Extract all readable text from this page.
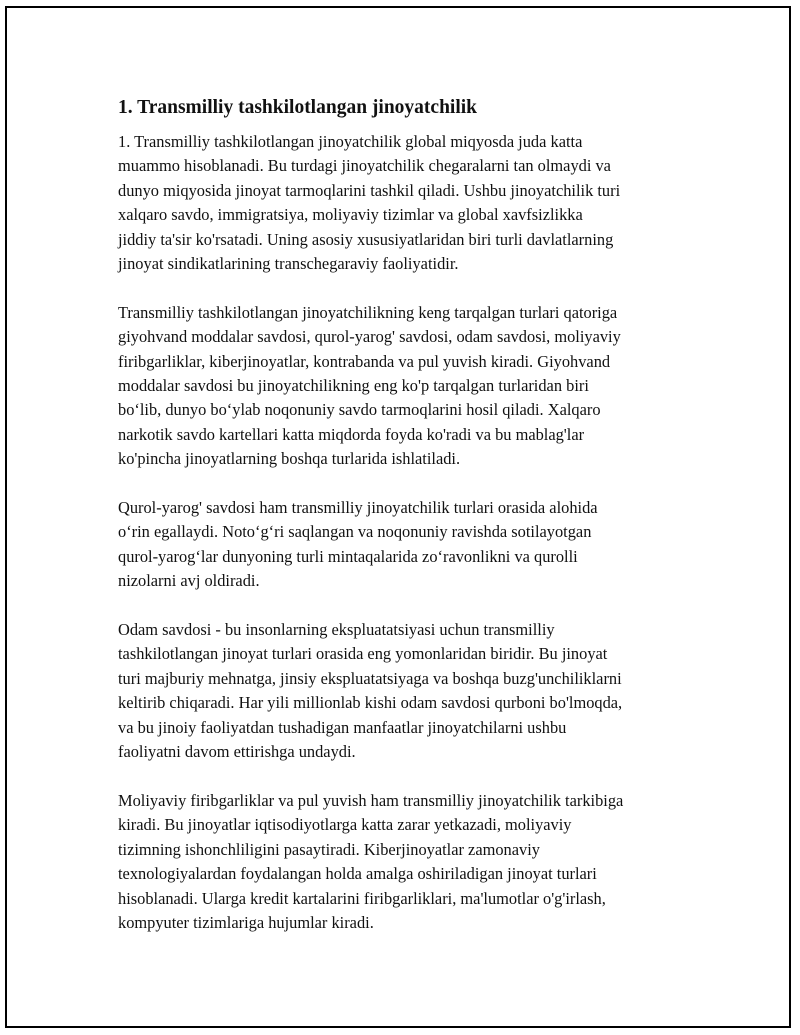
1. Transmilliy tashkilotlangan jinoyatchilik

1. Transmilliy tashkilotlangan jinoyatchilik global miqyosda juda katta
muammo hisoblanadi. Bu turdagi jinoyatchilik chegaralarni tan olmaydi va
dunyo miqyosida jinoyat tarmoqlarini tashkil qiladi. Ushbu jinoyatchilik turi
xalqaro savdo, immigratsiya, moliyaviy tizimlar va global xavfsizlikka
jiddiy ta'sir ko'rsatadi. Uning asosiy xususiyatlaridan biri turli davlatlarning
jinoyat sindikatlarining transchegaraviy faoliyatidir.

Transmilliy tashkilotlangan jinoyatchilikning keng tarqalgan turlari qatoriga
giyohvand moddalar savdosi, qurol-yarog' savdosi, odam savdosi, moliyaviy
firibgarliklar, kiberjinoyatlar, kontrabanda va pul yuvish kiradi. Giyohvand
moddalar savdosi bu jinoyatchilikning eng ko'p tarqalgan turlaridan biri
bo‘lib, dunyo bo‘ylab noqonuniy savdo tarmoqlarini hosil qiladi. Xalqaro
narkotik savdo kartellari katta miqdorda foyda ko'radi va bu mablag'lar
ko'pincha jinoyatlarning boshqa turlarida ishlatiladi.

Qurol-yarog' savdosi ham transmilliy jinoyatchilik turlari orasida alohida
o‘rin egallaydi. Noto‘g‘ri saqlangan va noqonuniy ravishda sotilayotgan
qurol-yarog‘lar dunyoning turli mintaqalarida zo‘ravonlikni va qurolli
nizolarni avj oldiradi.

Odam savdosi - bu insonlarning ekspluatatsiyasi uchun transmilliy
tashkilotlangan jinoyat turlari orasida eng yomonlaridan biridir. Bu jinoyat
turi majburiy mehnatga, jinsiy ekspluatatsiyaga va boshqa buzg'unchiliklarni
keltirib chiqaradi. Har yili millionlab kishi odam savdosi qurboni bo'lmoqda,
va bu jinoiy faoliyatdan tushadigan manfaatlar jinoyatchilarni ushbu
faoliyatni davom ettirishga undaydi.

Moliyaviy firibgarliklar va pul yuvish ham transmilliy jinoyatchilik tarkibiga
kiradi. Bu jinoyatlar iqtisodiyotlarga katta zarar yetkazadi, moliyaviy
tizimning ishonchliligini pasaytiradi. Kiberjinoyatlar zamonaviy
texnologiyalardan foydalangan holda amalga oshiriladigan jinoyat turlari
hisoblanadi. Ularga kredit kartalarini firibgarliklari, ma'lumotlar o'g'irlash,
kompyuter tizimlariga hujumlar kiradi.
